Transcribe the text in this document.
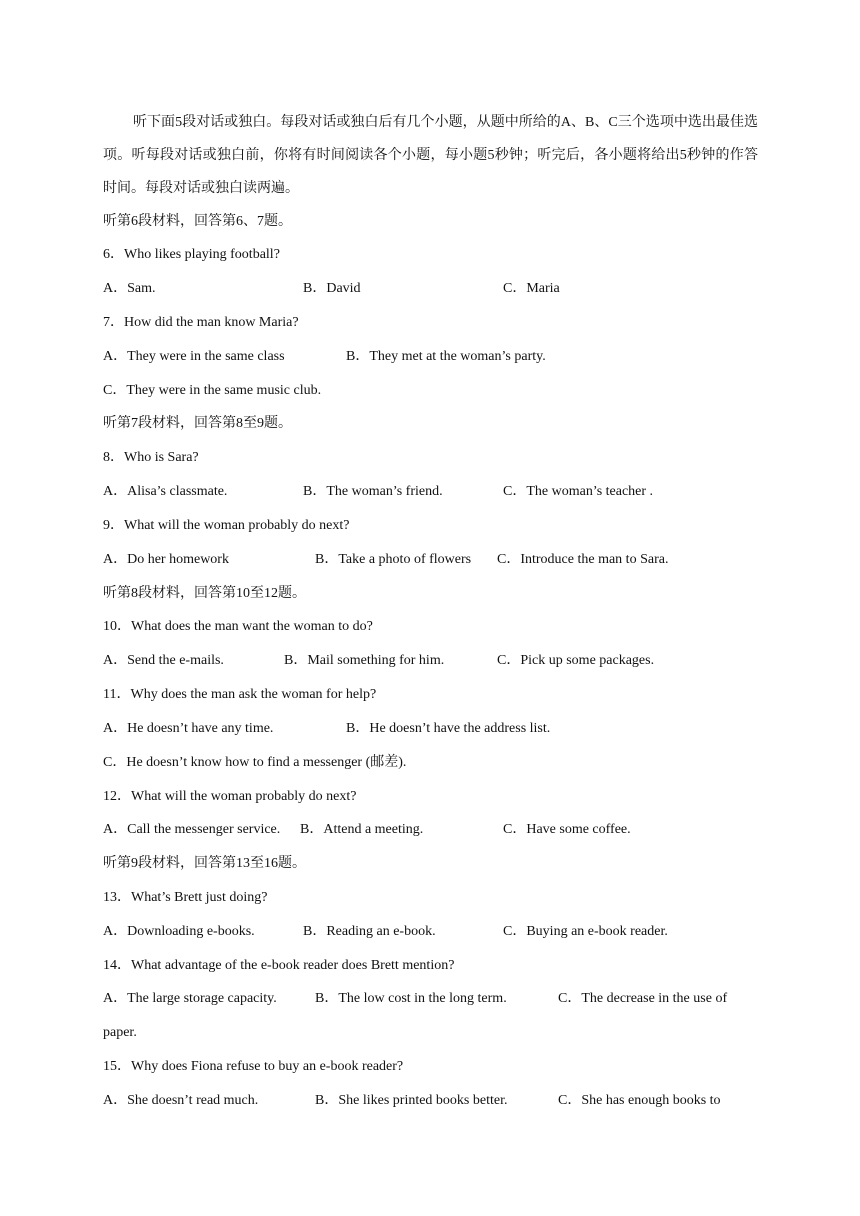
听下面5段对话或独白。每段对话或独白后有几个小题，从题中所给的A、B、C三个选项中选出最佳选项。听每段对话或独白前，你将有时间阅读各个小题，每小题5秒钟；听完后，各小题将给出5秒钟的作答时间。每段对话或独白读两遍。

听第6段材料，回答第6、7题。
6．Who likes playing football?
A．Sam.	B．David	C．Maria
7．How did the man know Maria?
A．They were in the same class	B．They met at the woman’s party.
C．They were in the same music club.
听第7段材料，回答第8至9题。
8．Who is Sara?
A．Alisa’s classmate.	B．The woman’s friend.	C．The woman’s teacher .
9．What will the woman probably do next?
A．Do her homework	B．Take a photo of flowers C．Introduce the man to Sara.
听第8段材料，回答第10至12题。
10．What does the man want the woman to do?
A．Send the e-mails.	B．Mail something for him.	C．Pick up some packages.
11．Why does the man ask the woman for help?
A．He doesn’t have any time.	B．He doesn’t have the address list.
C．He doesn’t know how to find a messenger (邮差).
12．What will the woman probably do next?
A．Call the messenger service. B．Attend a meeting.	C．Have some coffee.
听第9段材料，回答第13至16题。
13．What’s Brett just doing?
A．Downloading e-books.	B．Reading an e-book.	C．Buying an e-book reader.
14．What advantage of the e-book reader does Brett mention?
A．The large storage capacity.	B．The low cost in the long term.	C．The decrease in the use of
paper.
15．Why does Fiona refuse to buy an e-book reader?
A．She doesn’t read much.	B．She likes printed books better.	C．She has enough books to
